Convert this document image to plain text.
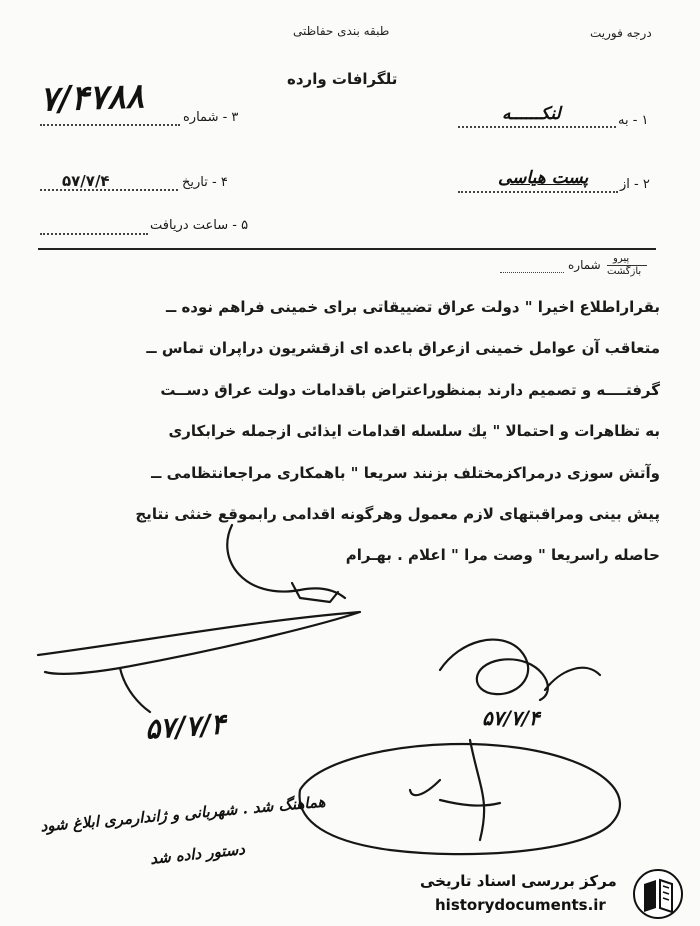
درجه فوریت
طبقه بندی حفاظتی
تلگرافات وارده
۳ - شماره
۷/۴۷۸۸
۱ - به
لنکــــــه
۴ - تاریخ
۵۷/۷/۴	۲ - از
پست هیاسی
۵ - ساعت دریافت
پیرو
بازگشت
شماره
بقراراطلاع اخیرا " دولت عراق تضییقاتی برای خمینی فراهم نوده ــ
متعاقب آن عوامل خمینی ازعراق باعده ای ازقشریون دراپران تماس ــ
گرفتــــه و تصمیم دارند بمنظوراعتراض باقدامات دولت عراق دســت
به تظاهرات و احتمالا " یك سلسله اقدامات ایذائی ازجمله خرابكاری
وآتش سوزی درمراكزمختلف بزنند سریعا " باهمكاری مراجعانتظامی ــ
پیش بینی ومراقبتهای لازم معمول وهرگونه اقدامی رابموقع خنثی نتایج
حاصله راسریعا " وصت مرا " اعلام . بهـرام
۵۷/۷/۴	۵۷/۷/۴
هماهنگ شد . شهربانی و ژاندارمری ابلاغ شود
دستور داده شد
مرکز بررسی اسناد تاریخی
historydocuments.ir
